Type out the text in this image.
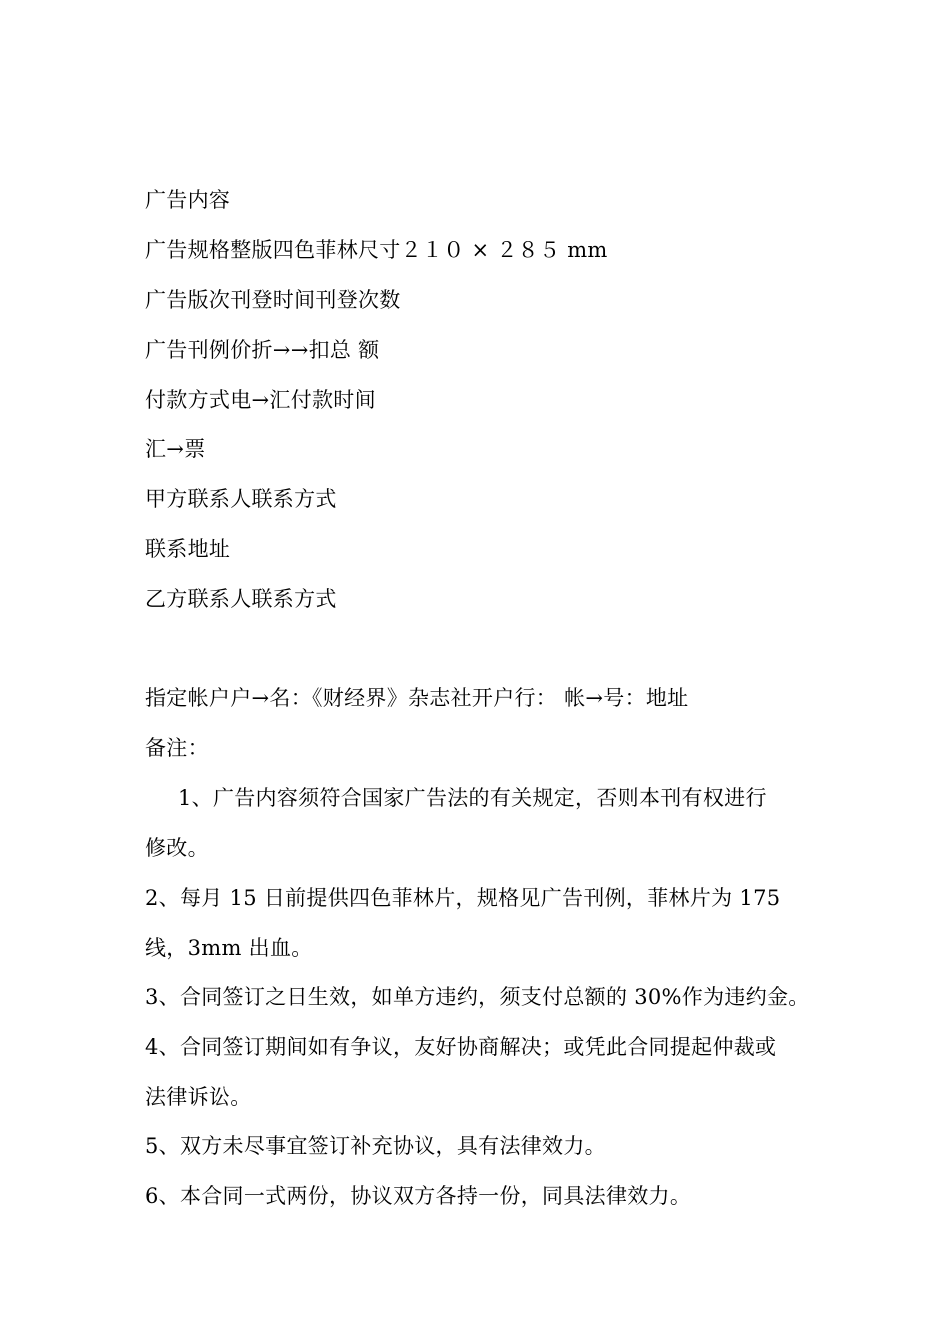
广告内容
广告规格整版四色菲林尺寸２１０ × ２８５ mm
广告版次刊登时间刊登次数
广告刊例价折→→扣总 额
付款方式电→汇付款时间
汇→票
甲方联系人联系方式
联系地址
乙方联系人联系方式
指定帐户户→名：《财经界》杂志社开户行： 帐→号：地址
备注：
1、广告内容须符合国家广告法的有关规定，否则本刊有权进行
修改。
2、每月 15 日前提供四色菲林片，规格见广告刊例，菲林片为 175
线，3mm 出血。
3、合同签订之日生效，如单方违约，须支付总额的 30%作为违约金。
4、合同签订期间如有争议，友好协商解决；或凭此合同提起仲裁或
法律诉讼。
5、双方未尽事宜签订补充协议，具有法律效力。
6、本合同一式两份，协议双方各持一份，同具法律效力。
